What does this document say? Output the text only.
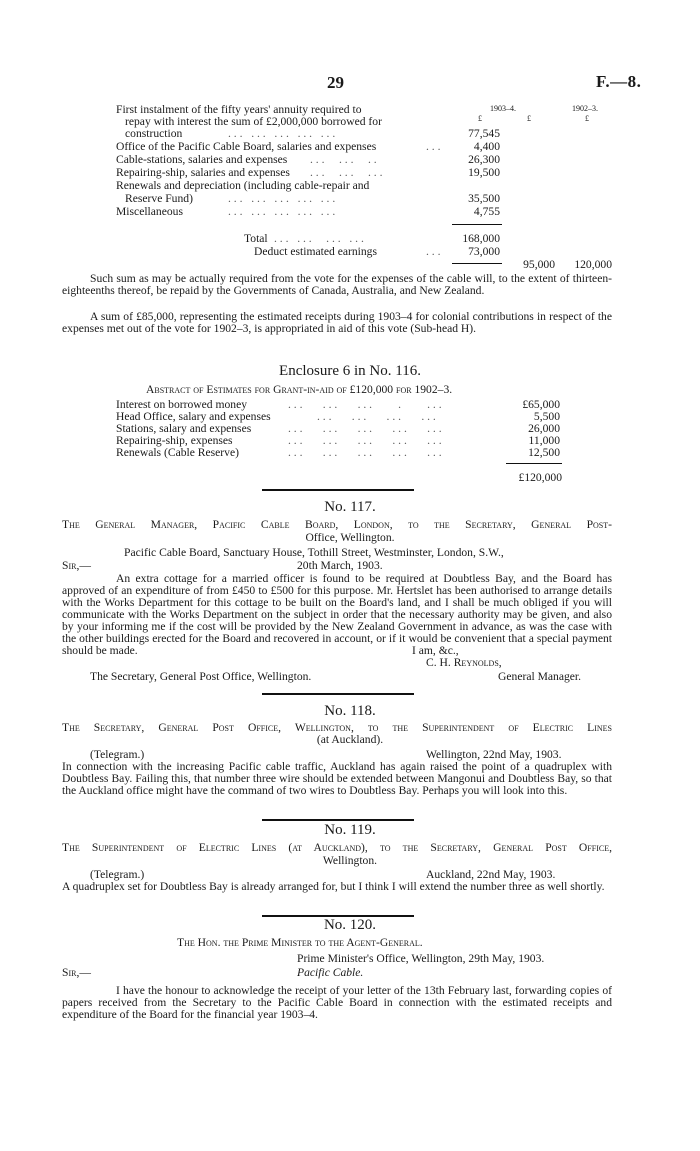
29	F.—8.
1903–4.	1902–3.
£	£	£
First instalment of the fifty years' annuity required to
repay with interest the sum of £2,000,000 borrowed for
construction	. . .   . . .   . . .   . . .   . . .	77,545
Office of the Pacific Cable Board, salaries and expenses	. . .	4,400
Cable-stations, salaries and expenses . . .     . . .     . .	26,300
Repairing-ship, salaries and expenses . . .     . . .     . . .	19,500
Renewals and depreciation (including cable-repair and
Reserve Fund)	. . .   . . .   . . .   . . .   . . .	35,500
Miscellaneous	. . .   . . .   . . .   . . .   . . .	4,755
Total . . .   . . .     . . .   . . .	168,000
Deduct estimated earnings	. . .	73,000
95,000	120,000
Such sum as may be actually required from the vote for the expenses of the cable will, to the extent of thirteen-eighteenths thereof, be repaid by the Governments of Canada, Australia, and New Zealand.
A sum of £85,000, representing the estimated receipts during 1903–4 for colonial contributions in respect of the expenses met out of the vote for 1902–3, is appropriated in aid of this vote (Sub-head H).
Enclosure 6 in No. 116.
Abstract of Estimates for Grant-in-aid of £120,000 for 1902–3.
Interest on borrowed money	. . .       . . .       . . .         .         . . .	£65,000
Head Office, salary and expenses . . .       . . .       . . .       . . .	5,500
Stations, salary and expenses	. . .       . . .       . . .       . . .       . . .	26,000
Repairing-ship, expenses	. . .       . . .       . . .       . . .       . . .	11,000
Renewals (Cable Reserve)	. . .       . . .       . . .       . . .       . . .	12,500
£120,000
No. 117.
The General Manager, Pacific Cable Board, London, to the Secretary, General Post-
Office, Wellington.
Pacific Cable Board, Sanctuary House, Tothill Street, Westminster, London, S.W.,
Sir,—	20th March, 1903.
An extra cottage for a married officer is found to be required at Doubtless Bay, and the Board has approved of an expenditure of from £450 to £500 for this purpose. Mr. Hertslet has been authorised to arrange details with the Works Department for this cottage to be built on the Board's land, and I shall be much obliged if you will communicate with the Works Department on the subject in order that the necessary authority may be given, and also by your informing me if the cost will be provided by the New Zealand Government in advance, as was the case with the other buildings erected for the Board and recovered in account, or if it would be convenient that a special payment should be made.	I am, &c.,
C. H. Reynolds,
The Secretary, General Post Office, Wellington.	General Manager.
No. 118.
The Secretary, General Post Office, Wellington, to the Superintendent of Electric Lines
(at Auckland).
(Telegram.)	Wellington, 22nd May, 1903.
In connection with the increasing Pacific cable traffic, Auckland has again raised the point of a quadruplex with Doubtless Bay. Failing this, that number three wire should be extended between Mangonui and Doubtless Bay, so that the Auckland office might have the command of two wires to Doubtless Bay. Perhaps you will look into this.
No. 119.
The Superintendent of Electric Lines (at Auckland), to the Secretary, General Post Office,
Wellington.
(Telegram.)	Auckland, 22nd May, 1903.
A quadruplex set for Doubtless Bay is already arranged for, but I think I will extend the number three as well shortly.
No. 120.
The Hon. the Prime Minister to the Agent-General.
Prime Minister's Office, Wellington, 29th May, 1903.
Sir,—	Pacific Cable.
I have the honour to acknowledge the receipt of your letter of the 13th February last, forwarding copies of papers received from the Secretary to the Pacific Cable Board in connection with the estimated receipts and expenditure of the Board for the financial year 1903–4.
